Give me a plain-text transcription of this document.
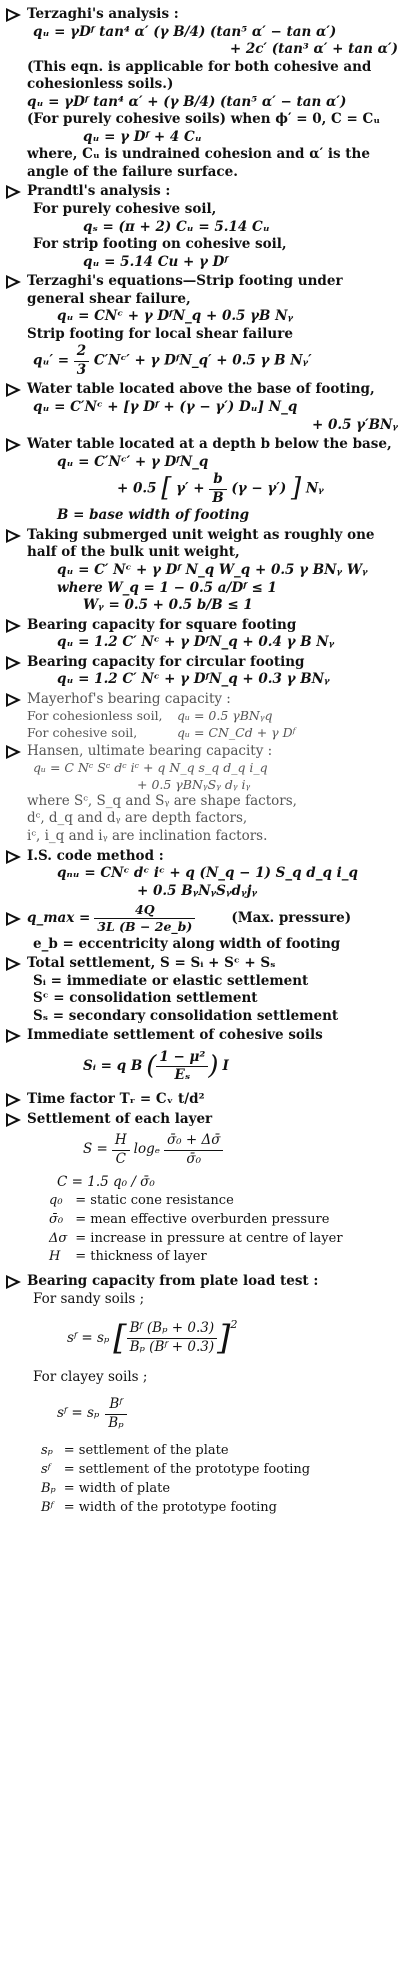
Terzaghi's analysis :
qᵤ = γDᶠ tan⁴ α′ (γ B/4) (tan⁵ α′ − tan α′)
+ 2c′ (tan³ α′ + tan α′)
(This eqn. is applicable for both cohesive and cohesionless soils.)
qᵤ = γDᶠ tan⁴ α′ + (γ B/4) (tan⁵ α′ − tan α′)
(For purely cohesive soils) when ϕ′ = 0, C = Cᵤ
qᵤ = γ Dᶠ + 4 Cᵤ
where, Cᵤ is undrained cohesion and α′ is the angle of the failure surface.
Prandtl's analysis :
For purely cohesive soil,
qₛ = (π + 2) Cᵤ = 5.14 Cᵤ
For strip footing on cohesive soil,
qᵤ = 5.14 Cu + γ Dᶠ
Terzaghi's equations—Strip footing under general shear failure,
qᵤ = CNᶜ + γ DᶠN_q + 0.5 γB Nᵧ
Strip footing for local shear failure
qᵤ′ = $\frac{2}{3}$ C′Nᶜ′ + γ DᶠN_q′ + 0.5 γ B Nᵧ′
Water table located above the base of footing,
qᵤ = C′Nᶜ + [γ Dᶠ + (γ − γ′) Dᵤ] N_q
+ 0.5 γ′BNᵧ
Water table located at a depth b below the base,
qᵤ = C′Nᶜ′ + γ DᶠN_q
+ 0.5 [ $\gamma' + \frac{b}{B} (\gamma - \gamma')$ ] Nᵧ
B = base width of footing
Taking submerged unit weight as roughly one half of the bulk unit weight,
qᵤ = C′ Nᶜ + γ Dᶠ N_q W_q + 0.5 γ BNᵧ Wᵧ
where W_q = 1 − 0.5 a/Dᶠ ≤ 1
Wᵧ = 0.5 + 0.5 b/B ≤ 1
Bearing capacity for square footing
qᵤ = 1.2 C′ Nᶜ + γ DᶠN_q + 0.4 γ B Nᵧ
Bearing capacity for circular footing
qᵤ = 1.2 C′ Nᶜ + γ DᶠN_q + 0.3 γ BNᵧ
Mayerhof's bearing capacity :
For cohesionless soil,	qᵤ = 0.5 γBNᵧq
For cohesive soil,	qᵤ = CN_Cd + γ Dᶠ
Hansen, ultimate bearing capacity :
qᵤ = C Nᶜ Sᶜ dᶜ iᶜ + q N_q s_q d_q i_q
+ 0.5 γBNᵧSᵧ dᵧ iᵧ
where Sᶜ, S_q and Sᵧ are shape factors,
dᶜ, d_q and dᵧ are depth factors,
iᶜ, i_q and iᵧ are inclination factors.
I.S. code method :
qₙᵤ = CNᶜ dᶜ iᶜ + q (N_q − 1) S_q d_q i_q
+ 0.5 BᵧNᵧSᵧdᵧjᵧ
q_max = $\frac{4Q}{3L (B - 2e\_b)}$	(Max. pressure)
e_b = eccentricity along width of footing
Total settlement, S = Sᵢ + Sᶜ + Sₛ
Sᵢ = immediate or elastic settlement
Sᶜ = consolidation settlement
Sₛ = secondary consolidation settlement
Immediate settlement of cohesive soils
Sᵢ = q B ( $\frac{\text{1 − μ²}}{\text{Eₛ}}$ ) I
Time factor Tᵣ = Cᵥ t/d²
Settlement of each layer
$S = \frac{H}{C}$ logₑ $\frac{\text{σ̄₀ + Δσ̄}}{\text{σ̄₀}}$
C = 1.5 q₀ / σ̄₀
q₀	= static cone resistance
σ̄₀	= mean effective overburden pressure
Δσ	= increase in pressure at centre of layer
H	= thickness of layer
Bearing capacity from plate load test :
For sandy soils ;
sᶠ = sₚ [ $\frac{\text{Bᶠ (Bₚ + 0.3)}}{\text{Bₚ (Bᶠ + 0.3)}} ]^2$
For clayey soils ;
sᶠ = sₚ $\frac{\text{Bᶠ}}{\text{Bₚ}}$
sₚ	= settlement of the plate
sᶠ	= settlement of the prototype footing
Bₚ	= width of plate
Bᶠ	= width of the prototype footing
